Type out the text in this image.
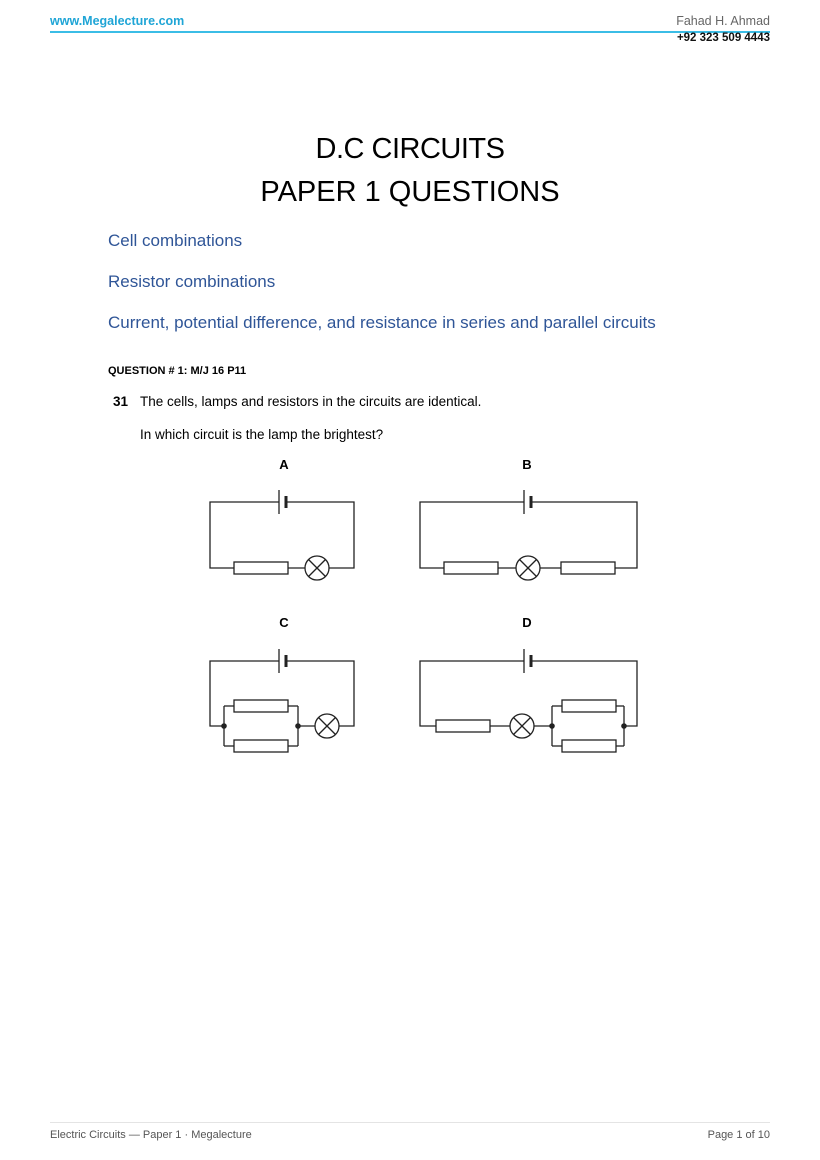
www.Megalecture.com	Fahad H. Ahmad
+92 323 509 4443
D.C CIRCUITS
PAPER 1 QUESTIONS
Cell combinations
Resistor combinations
Current, potential difference, and resistance in series and parallel circuits
QUESTION # 1: M/J 16 P11
31 The cells, lamps and resistors in the circuits are identical.
In which circuit is the lamp the brightest?
A	B
C	D
Electric Circuits — Paper 1 · Megalecture	Page 1 of 10
